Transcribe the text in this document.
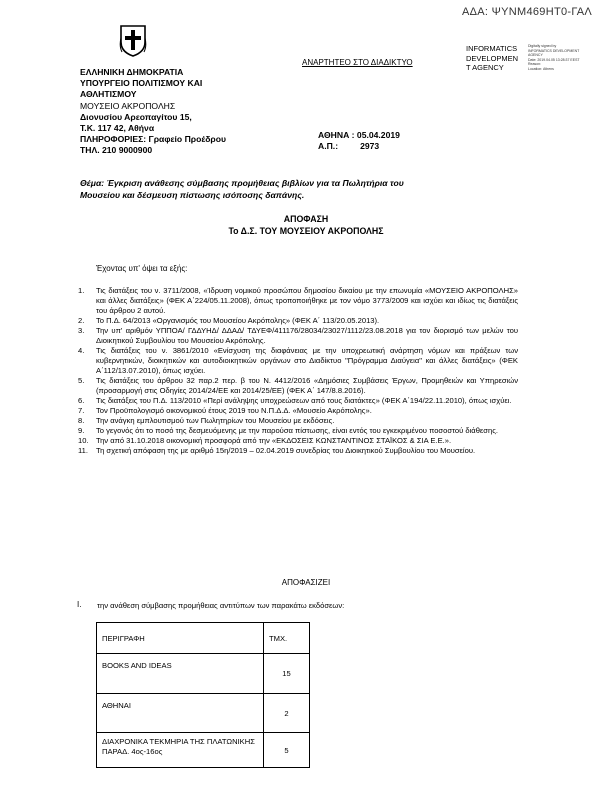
ΑΔΑ: ΨΥΝΜ469ΗΤ0-ΓΑΛ
ΑΝΑΡΤΗΤΕΟ ΣΤΟ ΔΙΑΔΙΚΤΥΟ
INFORMATICS
DEVELOPMEN
T AGENCY
Digitally signed by
INFORMATICS DEVELOPMENT AGENCY
Date: 2019.04.05 13:28:37 EEST
Reason:
Location: Athens
ΕΛΛΗΝΙΚΗ ΔΗΜΟΚΡΑΤΙΑ
ΥΠΟΥΡΓΕΙΟ ΠΟΛΙΤΙΣΜΟΥ ΚΑΙ
ΑΘΛΗΤΙΣΜΟΥ
ΜΟΥΣΕΙΟ ΑΚΡΟΠΟΛΗΣ
Διονυσίου Αρεοπαγίτου 15,
Τ.Κ. 117 42, Αθήνα
ΠΛΗΡΟΦΟΡΙΕΣ: Γραφείο Προέδρου
ΤΗΛ. 210 9000900
ΑΘΗΝΑ : 05.04.2019
Α.Π.:	2973
Θέμα: Έγκριση ανάθεσης σύμβασης προμήθειας βιβλίων για τα Πωλητήρια του
Μουσείου και δέσμευση πίστωσης ισόποσης δαπάνης.
ΑΠΟΦΑΣΗ
Το Δ.Σ. ΤΟΥ ΜΟΥΣΕΙΟΥ ΑΚΡΟΠΟΛΗΣ
Έχοντας υπ' όψει τα εξής:
1. Τις διατάξεις του ν. 3711/2008, «Ίδρυση νομικού προσώπου δημοσίου δικαίου με την επωνυμία «ΜΟΥΣΕΙΟ ΑΚΡΟΠΟΛΗΣ» και άλλες διατάξεις» (ΦΕΚ Α΄224/05.11.2008), όπως τροποποιήθηκε με τον νόμο 3773/2009 και ισχύει και ιδίως τις διατάξεις του άρθρου 2 αυτού.
2. Το Π.Δ. 64/2013 «Οργανισμός του Μουσείου Ακρόπολης» (ΦΕΚ Α΄ 113/20.05.2013).
3. Την υπ' αριθμόν ΥΠΠΟΑ/ ΓΔΔΥΗΔ/ ΔΔΑΔ/ ΤΔΥΕΦ/411176/28034/23027/1112/23.08.2018 για τον διορισμό των μελών του Διοικητικού Συμβουλίου του Μουσείου Ακρόπολης.
4. Τις διατάξεις του ν. 3861/2010 «Ενίσχυση της διαφάνειας με την υποχρεωτική ανάρτηση νόμων και πράξεων των κυβερνητικών, διοικητικών και αυτοδιοικητικών οργάνων στο Διαδίκτυο "Πρόγραμμα Διαύγεια" και άλλες διατάξεις» (ΦΕΚ Α΄112/13.07.2010), όπως ισχύει.
5. Τις διατάξεις του άρθρου 32 παρ.2 περ. β του Ν. 4412/2016 «Δημόσιες Συμβάσεις Έργων, Προμηθειών και Υπηρεσιών (προσαρμογή στις Οδηγίες 2014/24/ΕΕ και 2014/25/ΕΕ) (ΦΕΚ Α΄ 147/8.8.2016).
6. Τις διατάξεις του Π.Δ. 113/2010 «Περί ανάληψης υποχρεώσεων από τους διατάκτες» (ΦΕΚ Α΄194/22.11.2010), όπως ισχύει.
7. Τον Προϋπολογισμό οικονομικού έτους 2019 του Ν.Π.Δ.Δ. «Μουσείο Ακρόπολης».
8. Την ανάγκη εμπλουτισμού των Πωλητηρίων του Μουσείου με εκδόσεις.
9. Το γεγονός ότι το ποσό της δεσμευόμενης με την παρούσα πίστωσης, είναι εντός του εγκεκριμένου ποσοστού διάθεσης.
10. Την από 31.10.2018 οικονομική προσφορά από την «ΕΚΔΟΣΕΙΣ ΚΩΝΣΤΑΝΤΙΝΟΣ ΣΤΑΪΚΟΣ & ΣΙΑ Ε.Ε.».
11. Τη σχετική απόφαση της με αριθμό 15η/2019 – 02.04.2019 συνεδρίας του Διοικητικού Συμβουλίου του Μουσείου.
ΑΠΟΦΑΣΙΖΕΙ
I. την ανάθεση σύμβασης προμήθειας αντιτύπων των παρακάτω εκδόσεων:
ΠΕΡΙΓΡΑΦΗ	ΤΜΧ.
BOOKS AND IDEAS	15
ΑΘΗΝΑΙ	2
ΔΙΑΧΡΟΝΙΚΑ ΤΕΚΜΗΡΙΑ ΤΗΣ ΠΛΑΤΩΝΙΚΗΣ ΠΑΡΑΔ. 4ος-16ος	5
